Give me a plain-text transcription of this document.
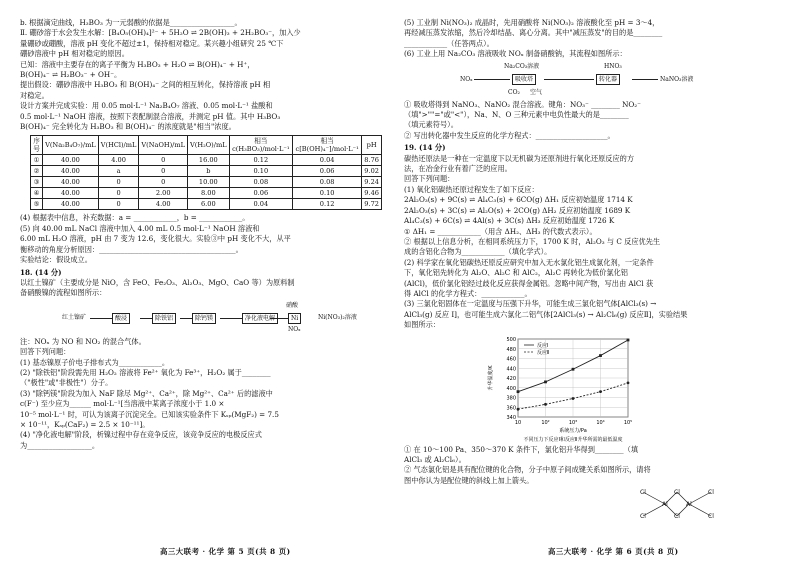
b. 根据滴定曲线，H₃BO₃ 为一元弱酸的依据是__________________。

Ⅱ. 硼砂溶于水会发生水解：[B₄O₅(OH)₄]²⁻ + 5H₂O ⇌ 2B(OH)₃ + 2H₂BO₃⁻，加入少

量硼砂或硼酸，溶液 pH 变化不超过±1，保持相对稳定。某兴趣小组研究 25 ℃下

硼砂溶液中 pH 相对稳定的原因。

已知：溶液中主要存在的离子平衡为 H₃BO₃ + H₂O ⇌ B(OH)₄⁻ + H⁺，

B(OH)₄⁻ ⇌ H₂BO₃⁻ + OH⁻。

提出假设：硼砂溶液中 H₃BO₃ 和 B(OH)₄⁻ 之间的相互转化，保持溶液 pH 相

对稳定。

设计方案并完成实验：用 0.05 mol·L⁻¹ Na₂B₄O₇ 溶液、0.05 mol·L⁻¹ 盐酸和

0.5 mol·L⁻¹ NaOH 溶液，按照下表配制混合溶液，并测定 pH 值。其中 H₃BO₃

B(OH)₄⁻ 完全转化为 H₃BO₃ 和 B(OH)₄⁻ 的浓度就是"相当"浓度。

序号	V(Na₂B₄O₇)/mL	V(HCl)/mL	V(NaOH)/mL	V(H₂O)/mL	相当c(H₃BO₃)/mol·L⁻¹	相当c[B(OH)₄⁻]/mol·L⁻¹	pH
①	40.00	4.00	0	16.00	0.12	0.04	8.76
②	40.00	a	0	b	0.10	0.06	9.02
③	40.00	0	0	10.00	0.08	0.08	9.24
④	40.00	0	2.00	8.00	0.06	0.10	9.46
⑤	40.00	0	4.00	6.00	0.04	0.12	9.72

(4) 根据表中信息，补充数据：a = ____________，b = ____________。

(5) 向 40.00 mL NaCl 溶液中加入 4.00 mL 0.5 mol·L⁻¹ NaOH 溶液和

6.00 mL H₂O 溶液，pH 由 7 变为 12.6，变化很大。实验③中 pH 变化不大，从平

衡移动的角度分析原因：______________________________________。

实验结论：假设成立。

18. (14 分)

以红土镍矿（主要成分是 NiO，含 FeO、Fe₂O₃、Al₂O₃、MgO、CaO 等）为原料制

备硝酸镍的流程如图所示：

红土镍矿	酸浸	除铁铝	除钙镁	净化液电解	Ni	Ni(NO₃)₂溶液
硝酸
NOₓ

注：NOₓ 为 NO 和 NO₂ 的混合气体。

回答下列问题：

(1) 基态镍原子价电子排布式为____________。

(2) "除铁铝"阶段需先用 H₂O₂ 溶液将 Fe²⁺ 氧化为 Fe³⁺，H₂O₂ 属于________

（"极性"或"非极性"）分子。

(3) "除钙镁"阶段为加入 NaF 除尽 Mg²⁺、Ca²⁺，除 Mg²⁺、Ca²⁺ 后的滤液中

c(F⁻) 至少应为______ mol·L⁻¹[当溶液中某离子浓度小于 1.0 ×

10⁻⁵ mol·L⁻¹ 时，可认为该离子沉淀完全。已知该实验条件下 Kₛₚ(MgF₂) = 7.5

× 10⁻¹¹，Kₛₚ(CaF₂) = 2.5 × 10⁻¹¹]。

(4) "净化液电解"阶段，析镍过程中存在竞争反应，该竞争反应的电极反应式

为__________________。

(5) 工业制 Ni(NO₃)₂ 成晶时，先用硝酸将 Ni(NO₃)₂ 溶液酸化至 pH = 3～4，

再经减压蒸发浓缩，然后冷却结晶、离心分离。其中"减压蒸发"的目的是________

____________（任答两点）。

(6) 工业上用 Na₂CO₃ 溶液吸收 NOₓ 制备硝酸钠，其流程如图所示：

Na₂CO₃溶液	HNO₃
NOₓ	吸收塔	转化器
CO₂ 空气
NaNO₃溶液

① 吸收塔得到 NaNO₃、NaNO₂ 混合溶液。键角：NO₃⁻ ________ NO₂⁻

（填">""="或"<"），Na、N、O 三种元素中电负性最大的是________

（填元素符号）。

② 写出转化器中发生反应的化学方程式：____________________。

19. (14 分)

碳热还原法是一种在一定温度下以无机碳为还原剂进行氧化还原反应的方

法，在冶金行业有着广泛的应用。

回答下列问题：

(1) 氧化铝碳热还原过程发生了如下反应：

2Al₂O₃(s) + 9C(s) ⇌ Al₄C₃(s) + 6CO(g) ΔH₁ 反应初始温度 1714 K

2Al₂O₃(s) + 3C(s) ⇌ Al₂O(s) + 2CO(g) ΔH₂ 反应初始温度 1689 K

Al₄C₃(s) + 6C(s) ⇌ 4Al(s) + 3C(s) ΔH₃ 反应初始温度 1726 K

① ΔH₁ = ____________（用含 ΔH₂、ΔH₃ 的代数式表示）。

② 根据以上信息分析，在相同系统压力下，1700 K 时，Al₂O₃ 与 C 反应优先生

成的含铝化合物为____________（填化学式）。

(2) 科学家在氧化铝碳热还原反应研究中加入无水氯化铝生成氯化剂，一定条件

下，氧化铝先转化为 Al₂O、Al₂C 和 AlC₂，Al₂C 再转化为低价氯化铝

(AlCl)，低价氯化铝经过歧化反应获得金属铝。忽略中间产物，写出由 AlCl 获

得 AlCl 的化学方程式：____________。

(3) 三氯化铝固体在一定温度与压强下升华，可能生成三氯化铝气体[AlCl₃(s) →

AlCl₃(g) 反应 Ⅰ]，也可能生成六氯化二铝气体[2AlCl₃(s) → Al₂Cl₆(g) 反应Ⅱ]，实验结果

如图所示：

340
360
380
400
420
440
460
480
500
10	10²	10³	10⁴	10⁵
反应Ⅰ
反应Ⅱ
升华温度/K
系统压力/Pa
不同压力下反应Ⅰ和反应Ⅱ升华所需的最低温度

① 在 10～100 Pa、350～370 K 条件下，氯化铝升华得到________（填

AlCl₃ 或 Al₂Cl₆）。

② 气态氯化铝是具有配位键的化合物，分子中原子间成键关系如图所示，请将

图中你认为是配位键的斜线上加上箭头。

Cl
Cl
Al	Al
Cl
Cl
Cl
Cl
高三大联考 · 化学 第 5 页(共 8 页)	高三大联考 · 化学 第 6 页(共 8 页)
